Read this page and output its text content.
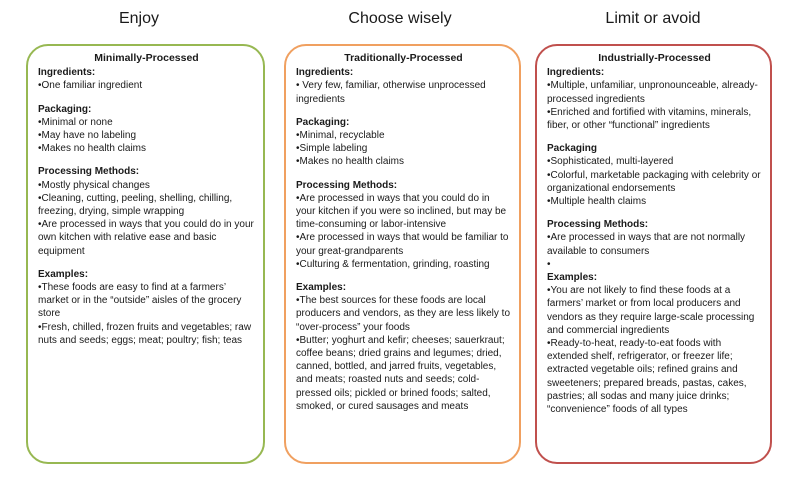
Enjoy	Choose wisely	Limit or avoid
Minimally-Processed
Ingredients:
•One familiar ingredient
Packaging:
•Minimal or none
•May have no labeling
•Makes no health claims
Processing Methods:
•Mostly physical changes
•Cleaning, cutting, peeling, shelling, chilling, freezing, drying, simple wrapping
•Are processed in ways that you could do in your own kitchen with relative ease and basic equipment
Examples:
•These foods are easy to find at a farmers’ market or in the “outside” aisles of the grocery store
•Fresh, chilled, frozen fruits and vegetables; raw nuts and seeds; eggs; meat; poultry; fish; teas
Traditionally-Processed
Ingredients:
• Very few, familiar, otherwise unprocessed ingredients
Packaging:
•Minimal, recyclable
•Simple labeling
•Makes no health claims
Processing Methods:
•Are processed in ways that you could do in your kitchen if you were so inclined, but may be time-consuming or labor-intensive
•Are processed in ways that would be familiar to your great-grandparents
•Culturing & fermentation, grinding, roasting
Examples:
•The best sources for these foods are local producers and vendors, as they are less likely to “over-process” your foods
•Butter; yoghurt and kefir; cheeses; sauerkraut; coffee beans; dried grains and legumes; dried, canned, bottled, and jarred fruits, vegetables, and meats; roasted nuts and seeds; cold-pressed oils; pickled or brined foods; salted, smoked, or cured sausages and meats
Industrially-Processed
Ingredients:
•Multiple, unfamiliar, unpronounceable, already-processed ingredients
•Enriched and fortified with vitamins, minerals, fiber, or other “functional” ingredients
Packaging
•Sophisticated, multi-layered
•Colorful, marketable packaging with celebrity or organizational endorsements
•Multiple health claims
Processing Methods:
•Are processed in ways that are not normally available to consumers
•
Examples:
•You are not likely to find these foods at a farmers’ market or from local producers and vendors as they require large-scale processing and commercial ingredients
•Ready-to-heat, ready-to-eat foods with extended shelf, refrigerator, or freezer life; extracted vegetable oils; refined grains and sweeteners; prepared breads, pastas, cakes, pastries; all sodas and many juice drinks; “convenience” foods of all types
